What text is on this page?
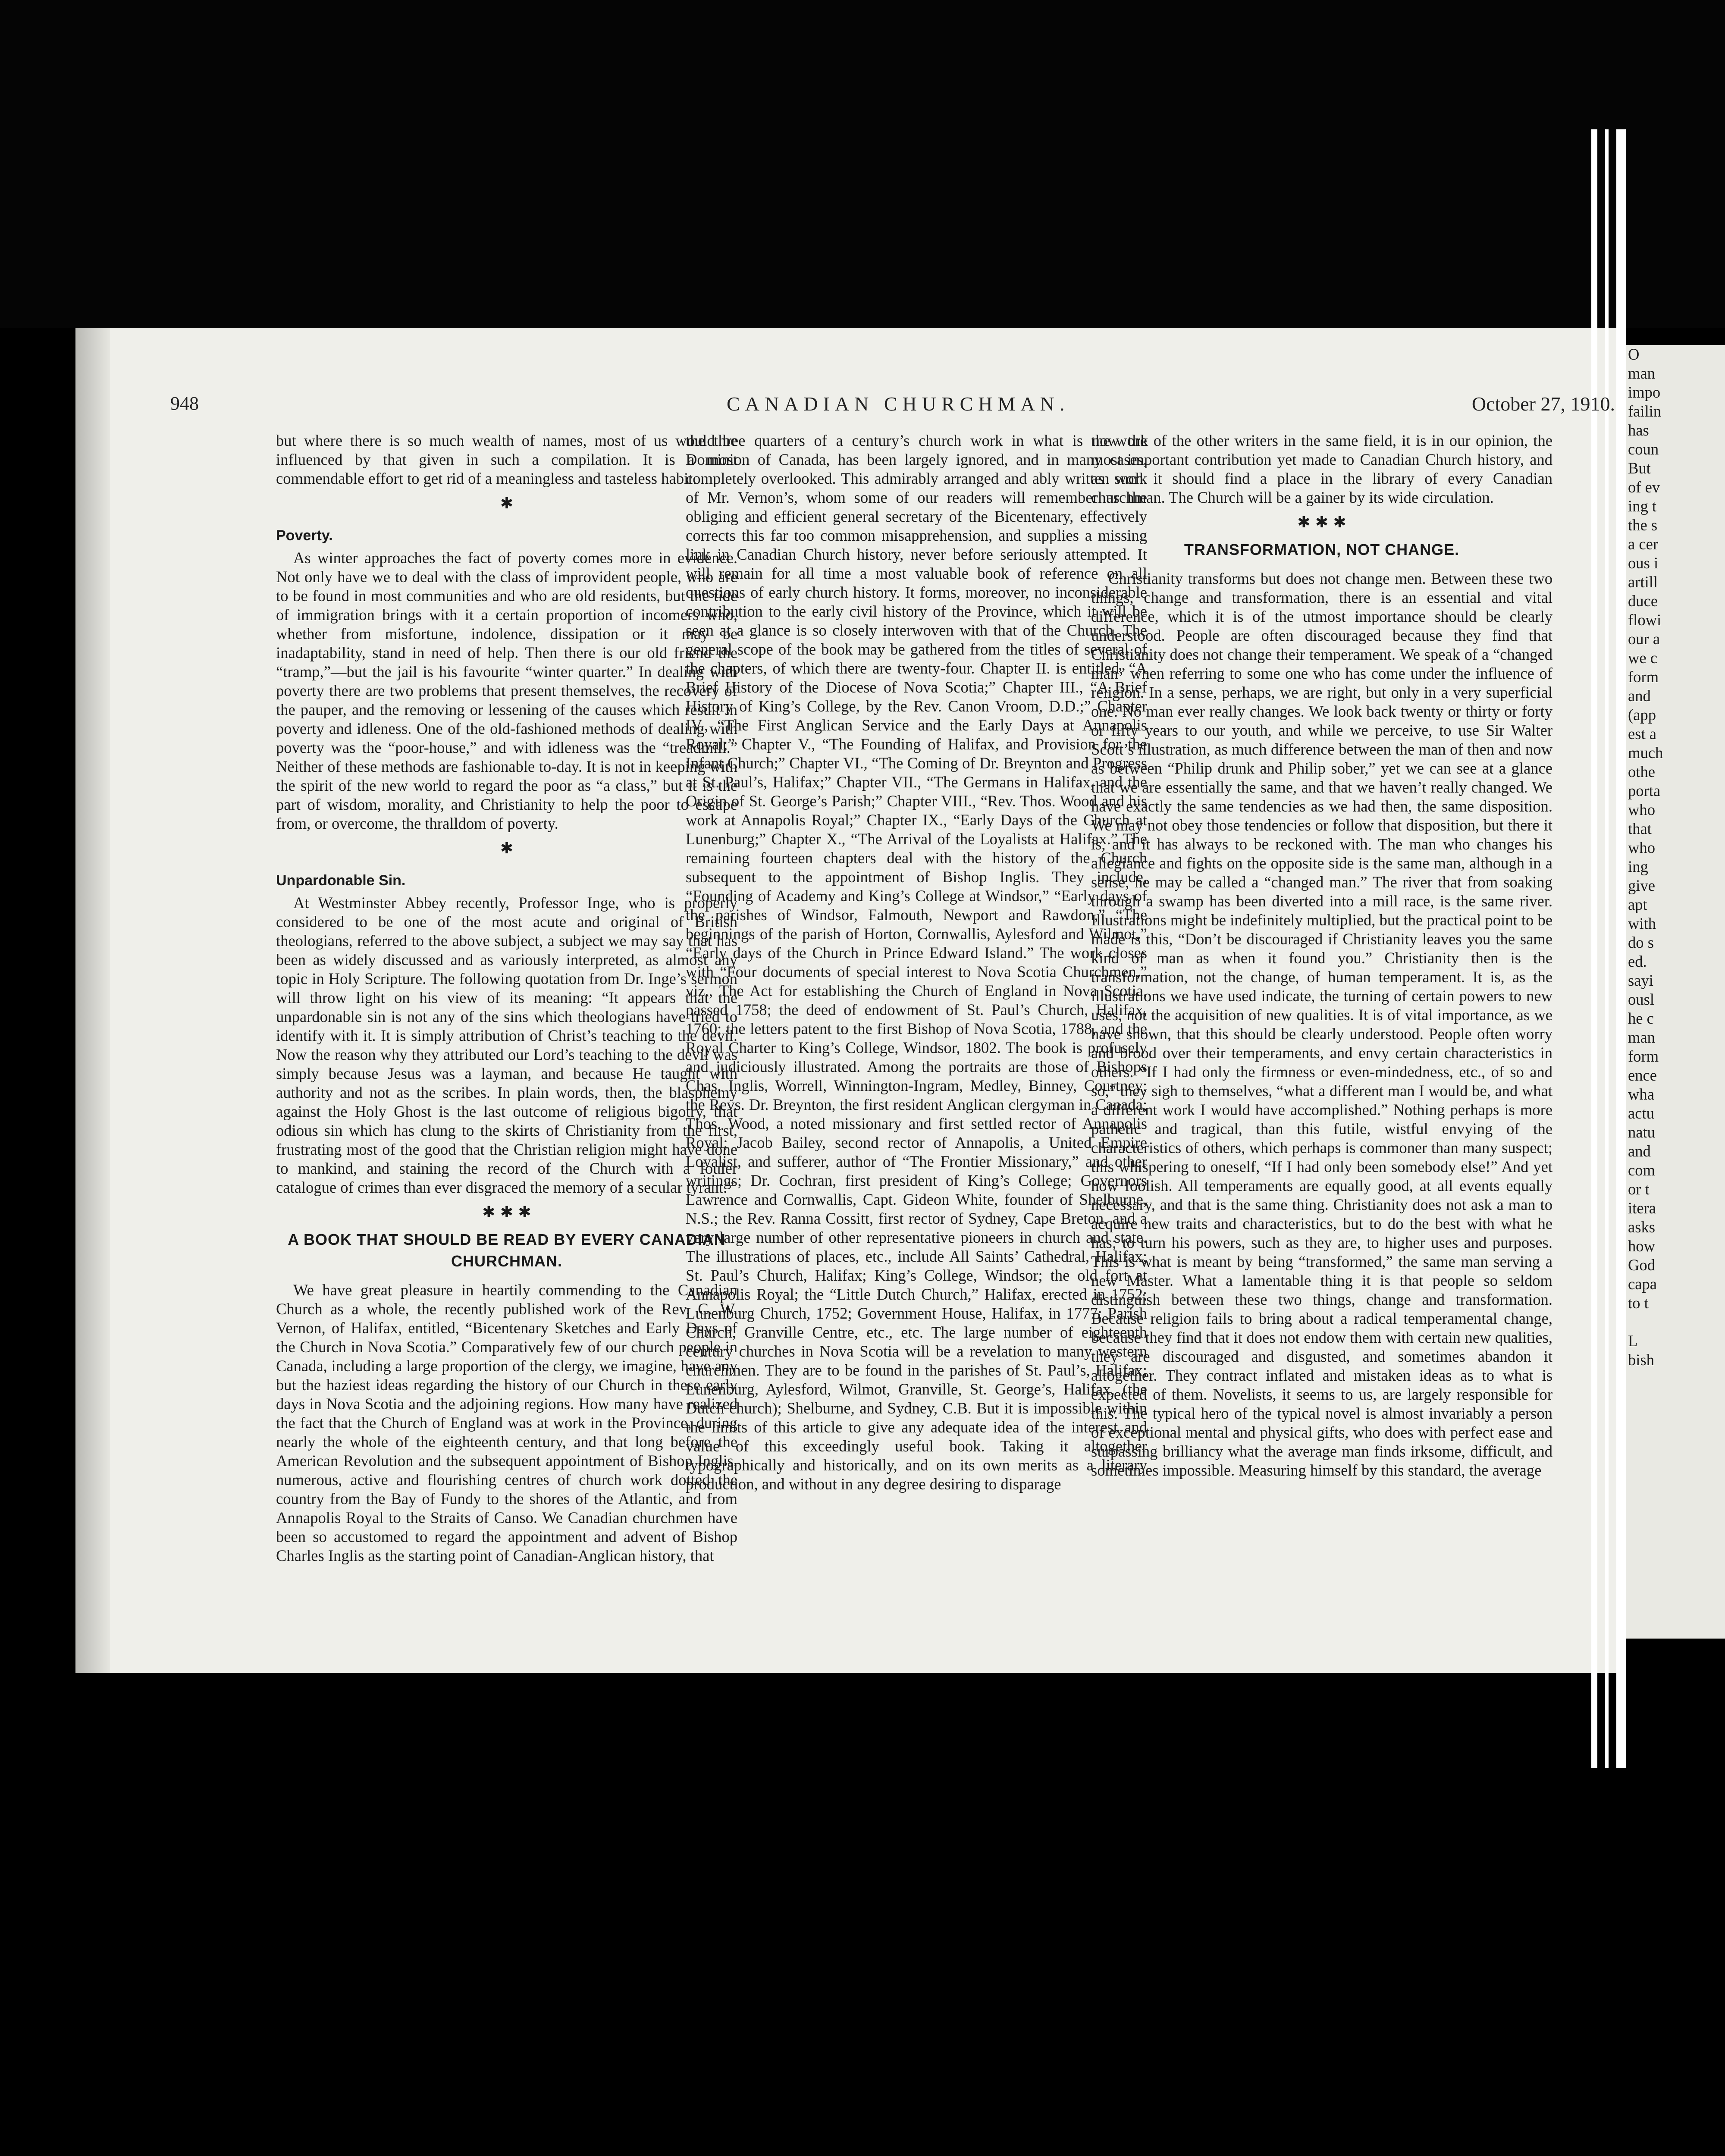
O
man
impo
failin
has
coun
But
of ev
ing t
the s
a cer
ous i
artill
duce
flowi
our a
we c
form
and
(app
est a
much
othe
porta
who
that
who
ing
give
apt
with
do s
ed.
sayi
ousl
he c
man
form
ence
wha
actu
natu
and
com
or t
itera
asks
how
God
capa
to t
L
bish
948	CANADIAN CHURCHMAN.	October 27, 1910.

but where there is so much wealth of names, most of us would be influenced by that given in such a compilation. It is a most commendable effort to get rid of a meaningless and tasteless habit.

✱
Poverty.

As winter approaches the fact of poverty comes more in evidence. Not only have we to deal with the class of improvident people, who are to be found in most communities and who are old residents, but the tide of immigration brings with it a certain proportion of incomers who, whether from misfortune, indolence, dissipation or it may be inadaptability, stand in need of help. Then there is our old friend the “tramp,”—but the jail is his favourite “winter quarter.” In dealing with poverty there are two problems that present themselves, the recovery of the pauper, and the removing or lessening of the causes which result in poverty and idleness. One of the old-fashioned methods of dealing with poverty was the “poor-house,” and with idleness was the “treadmill.” Neither of these methods are fashionable to-day. It is not in keeping with the spirit of the new world to regard the poor as “a class,” but it is the part of wisdom, morality, and Christianity to help the poor to escape from, or overcome, the thralldom of poverty.

✱
Unpardonable Sin.

At Westminster Abbey recently, Professor Inge, who is properly considered to be one of the most acute and original of British theologians, referred to the above subject, a subject we may say that has been as widely discussed and as variously interpreted, as almost any topic in Holy Scripture. The following quotation from Dr. Inge’s sermon will throw light on his view of its meaning: “It appears that the unpardonable sin is not any of the sins which theologians have tried to identify with it. It is simply attribution of Christ’s teaching to the devil. Now the reason why they attributed our Lord’s teaching to the devil was simply because Jesus was a layman, and because He taught with authority and not as the scribes. In plain words, then, the blasphemy against the Holy Ghost is the last outcome of religious bigotry, that odious sin which has clung to the skirts of Christianity from the first, frustrating most of the good that the Christian religion might have done to mankind, and staining the record of the Church with a fouler catalogue of crimes than ever disgraced the memory of a secular tyrant.”

✱ ✱ ✱
A BOOK THAT SHOULD BE READ BY EVERY CANADIAN CHURCHMAN.

We have great pleasure in heartily commending to the Canadian Church as a whole, the recently published work of the Rev. C. W. Vernon, of Halifax, entitled, “Bicentenary Sketches and Early Days of the Church in Nova Scotia.” Comparatively few of our church people in Canada, including a large proportion of the clergy, we imagine, have any but the haziest ideas regarding the history of our Church in these early days in Nova Scotia and the adjoining regions. How many have realized the fact that the Church of England was at work in the Province, during nearly the whole of the eighteenth century, and that long before the American Revolution and the subsequent appointment of Bishop Inglis, numerous, active and flourishing centres of church work dotted the country from the Bay of Fundy to the shores of the Atlantic, and from Annapolis Royal to the Straits of Canso. We Canadian churchmen have been so accustomed to regard the appointment and advent of Bishop Charles Inglis as the starting point of Canadian-Anglican history, that

the three quarters of a century’s church work in what is now the Dominion of Canada, has been largely ignored, and in many cases, completely overlooked. This admirably arranged and ably written work of Mr. Vernon’s, whom some of our readers will remember as the obliging and efficient general secretary of the Bicentenary, effectively corrects this far too common misapprehension, and supplies a missing link in Canadian Church history, never before seriously attempted. It will remain for all time a most valuable book of reference on all questions of early church history. It forms, moreover, no inconsiderable contribution to the early civil history of the Province, which it will be seen at a glance is so closely interwoven with that of the Church. The general scope of the book may be gathered from the titles of several of the chapters, of which there are twenty-four. Chapter II. is entitled, “A Brief History of the Diocese of Nova Scotia;” Chapter III., “A Brief History of King’s College, by the Rev. Canon Vroom, D.D.;” Chapter IV., “The First Anglican Service and the Early Days at Annapolis Royal;” Chapter V., “The Founding of Halifax, and Provision for the Infant Church;” Chapter VI., “The Coming of Dr. Breynton and Progress at St. Paul’s, Halifax;” Chapter VII., “The Germans in Halifax, and the Origin of St. George’s Parish;” Chapter VIII., “Rev. Thos. Wood and his work at Annapolis Royal;” Chapter IX., “Early Days of the Church at Lunenburg;” Chapter X., “The Arrival of the Loyalists at Halifax.” The remaining fourteen chapters deal with the history of the Church subsequent to the appointment of Bishop Inglis. They include, “Founding of Academy and King’s College at Windsor,” “Early days of the parishes of Windsor, Falmouth, Newport and Rawdon,” “The beginnings of the parish of Horton, Cornwallis, Aylesford and Wilmot,” “Early days of the Church in Prince Edward Island.” The work closes with “Four documents of special interest to Nova Scotia Churchmen,” viz., The Act for establishing the Church of England in Nova Scotia, passed 1758; the deed of endowment of St. Paul’s Church, Halifax, 1760; the letters patent to the first Bishop of Nova Scotia, 1788, and the Royal Charter to King’s College, Windsor, 1802. The book is profusely and judiciously illustrated. Among the portraits are those of Bishops Chas. Inglis, Worrell, Winnington-Ingram, Medley, Binney, Courtney; the Revs. Dr. Breynton, the first resident Anglican clergyman in Canada; Thos. Wood, a noted missionary and first settled rector of Annapolis Royal; Jacob Bailey, second rector of Annapolis, a United Empire Loyalist, and sufferer, author of “The Frontier Missionary,” and other writings; Dr. Cochran, first president of King’s College; Governors Lawrence and Cornwallis, Capt. Gideon White, founder of Shelburne, N.S.; the Rev. Ranna Cossitt, first rector of Sydney, Cape Breton, and a very large number of other representative pioneers in church and state. The illustrations of places, etc., include All Saints’ Cathedral, Halifax; St. Paul’s Church, Halifax; King’s College, Windsor; the old fort at Annapolis Royal; the “Little Dutch Church,” Halifax, erected in 1752; Lunenburg Church, 1752; Government House, Halifax, in 1777; Parish Church, Granville Centre, etc., etc. The large number of eighteenth century churches in Nova Scotia will be a revelation to many western churchmen. They are to be found in the parishes of St. Paul’s, Halifax; Lunenburg, Aylesford, Wilmot, Granville, St. George’s, Halifax, (the Dutch church); Shelburne, and Sydney, C.B. But it is impossible within the limits of this article to give any adequate idea of the interest and value of this exceedingly useful book. Taking it altogether typographically and historically, and on its own merits as a literary production, and without in any degree desiring to disparage

the work of the other writers in the same field, it is in our opinion, the most important contribution yet made to Canadian Church history, and as such it should find a place in the library of every Canadian churchman. The Church will be a gainer by its wide circulation.

✱ ✱ ✱
TRANSFORMATION, NOT CHANGE.

Christianity transforms but does not change men. Between these two things, change and transformation, there is an essential and vital difference, which it is of the utmost importance should be clearly understood. People are often discouraged because they find that Christianity does not change their temperament. We speak of a “changed man” when referring to some one who has come under the influence of religion. In a sense, perhaps, we are right, but only in a very superficial one. No man ever really changes. We look back twenty or thirty or forty or fifty years to our youth, and while we perceive, to use Sir Walter Scott’s illustration, as much difference between the man of then and now as between “Philip drunk and Philip sober,” yet we can see at a glance that we are essentially the same, and that we haven’t really changed. We have exactly the same tendencies as we had then, the same disposition. We may not obey those tendencies or follow that disposition, but there it is, and it has always to be reckoned with. The man who changes his allegiance and fights on the opposite side is the same man, although in a sense, he may be called a “changed man.” The river that from soaking through a swamp has been diverted into a mill race, is the same river. Illustrations might be indefinitely multiplied, but the practical point to be made is this, “Don’t be discouraged if Christianity leaves you the same kind of man as when it found you.” Christianity then is the transformation, not the change, of human temperament. It is, as the illustrations we have used indicate, the turning of certain powers to new uses, not the acquisition of new qualities. It is of vital importance, as we have shown, that this should be clearly understood. People often worry and brood over their temperaments, and envy certain characteristics in others. “If I had only the firmness or even-mindedness, etc., of so and so,” they sigh to themselves, “what a different man I would be, and what a different work I would have accomplished.” Nothing perhaps is more pathetic and tragical, than this futile, wistful envying of the characteristics of others, which perhaps is commoner than many suspect; this whispering to oneself, “If I had only been somebody else!” And yet how foolish. All temperaments are equally good, at all events equally necessary, and that is the same thing. Christianity does not ask a man to acquire new traits and characteristics, but to do the best with what he has; to turn his powers, such as they are, to higher uses and purposes. This is what is meant by being “transformed,” the same man serving a new Master. What a lamentable thing it is that people so seldom distinguish between these two things, change and transformation. Because religion fails to bring about a radical temperamental change, because they find that it does not endow them with certain new qualities, they are discouraged and disgusted, and sometimes abandon it altogether. They contract inflated and mistaken ideas as to what is expected of them. Novelists, it seems to us, are largely responsible for this. The typical hero of the typical novel is almost invariably a person of exceptional mental and physical gifts, who does with perfect ease and surpassing brilliancy what the average man finds irksome, difficult, and sometimes impossible. Measuring himself by this standard, the average
